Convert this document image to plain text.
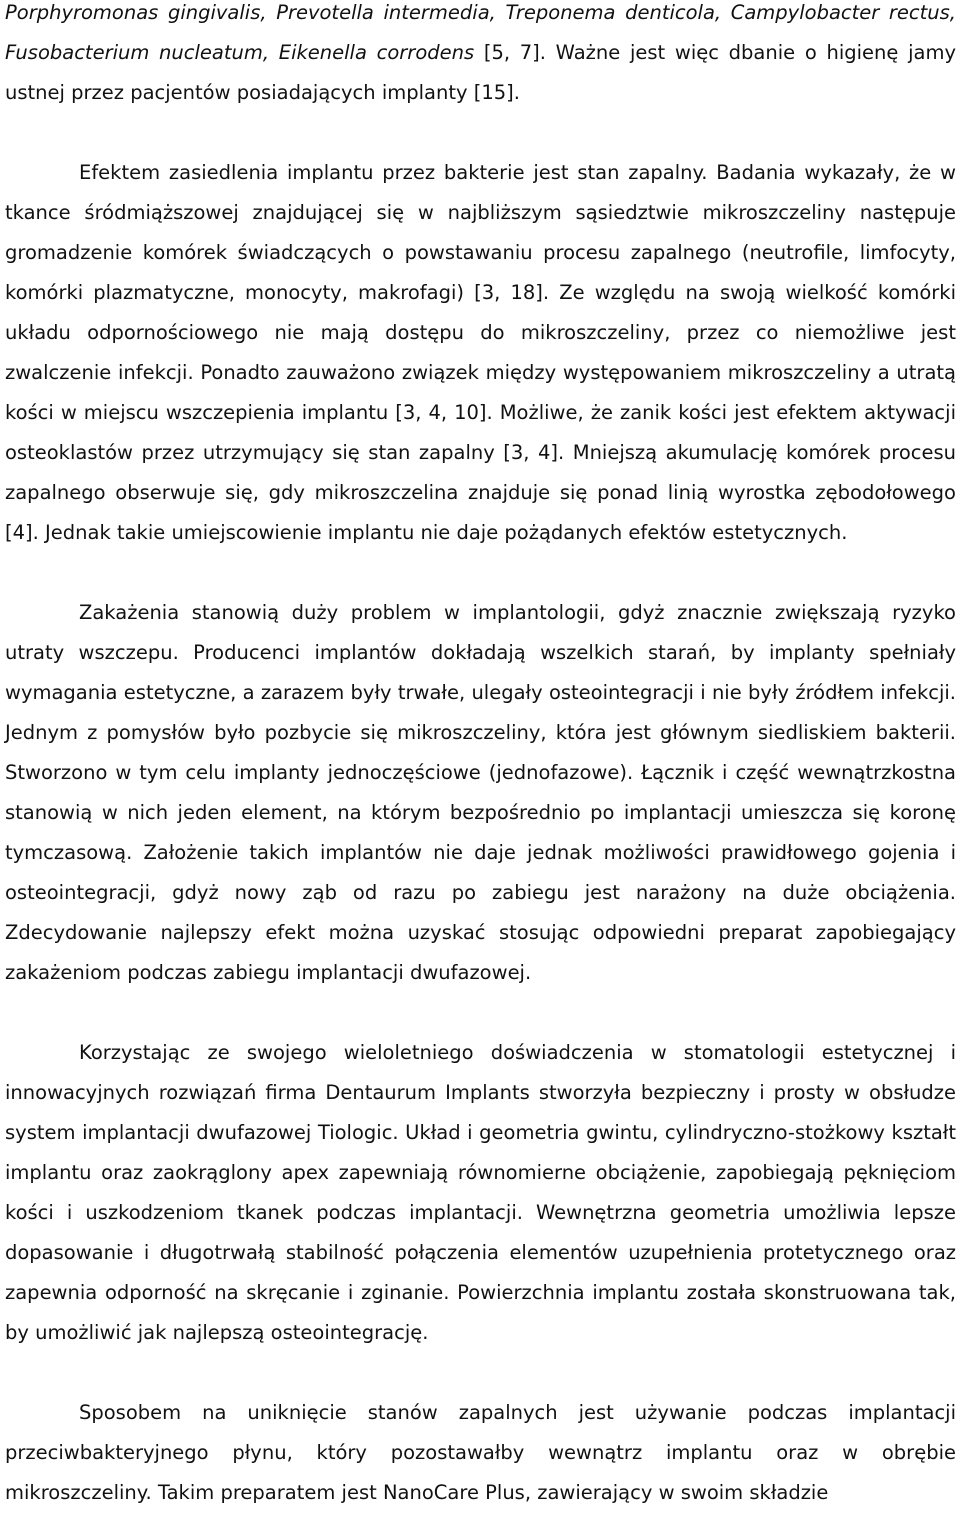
Porphyromonas gingivalis, Prevotella intermedia, Treponema denticola, Campylobacter rectus, Fusobacterium nucleatum, Eikenella corrodens [5, 7]. Ważne jest więc dbanie o higienę jamy ustnej przez pacjentów posiadających implanty [15].

Efektem zasiedlenia implantu przez bakterie jest stan zapalny. Badania wykazały, że w tkance śródmiąższowej znajdującej się w najbliższym sąsiedztwie mikroszczeliny następuje gromadzenie komórek świadczących o powstawaniu procesu zapalnego (neutrofile, limfocyty, komórki plazmatyczne, monocyty, makrofagi) [3, 18]. Ze względu na swoją wielkość komórki układu odpornościowego nie mają dostępu do mikroszczeliny, przez co niemożliwe jest zwalczenie infekcji. Ponadto zauważono związek między występowaniem mikroszczeliny a utratą kości w miejscu wszczepienia implantu [3, 4, 10]. Możliwe, że zanik kości jest efektem aktywacji osteoklastów przez utrzymujący się stan zapalny [3, 4]. Mniejszą akumulację komórek procesu zapalnego obserwuje się, gdy mikroszczelina znajduje się ponad linią wyrostka zębodołowego [4]. Jednak takie umiejscowienie implantu nie daje pożądanych efektów estetycznych.

Zakażenia stanowią duży problem w implantologii, gdyż znacznie zwiększają ryzyko utraty wszczepu. Producenci implantów dokładają wszelkich starań, by implanty spełniały wymagania estetyczne, a zarazem były trwałe, ulegały osteointegracji i nie były źródłem infekcji. Jednym z pomysłów było pozbycie się mikroszczeliny, która jest głównym siedliskiem bakterii. Stworzono w tym celu implanty jednoczęściowe (jednofazowe). Łącznik i część wewnątrzkostna stanowią w nich jeden element, na którym bezpośrednio po implantacji umieszcza się koronę tymczasową. Założenie takich implantów nie daje jednak możliwości prawidłowego gojenia i osteointegracji, gdyż nowy ząb od razu po zabiegu jest narażony na duże obciążenia. Zdecydowanie najlepszy efekt można uzyskać stosując odpowiedni preparat zapobiegający zakażeniom podczas zabiegu implantacji dwufazowej.

Korzystając ze swojego wieloletniego doświadczenia w stomatologii estetycznej i innowacyjnych rozwiązań firma Dentaurum Implants stworzyła bezpieczny i prosty w obsłudze system implantacji dwufazowej Tiologic. Układ i geometria gwintu, cylindryczno-stożkowy kształt implantu oraz zaokrąglony apex zapewniają równomierne obciążenie, zapobiegają pęknięciom kości i uszkodzeniom tkanek podczas implantacji. Wewnętrzna geometria umożliwia lepsze dopasowanie i długotrwałą stabilność połączenia elementów uzupełnienia protetycznego oraz zapewnia odporność na skręcanie i zginanie. Powierzchnia implantu została skonstruowana tak, by umożliwić jak najlepszą osteointegrację.

Sposobem na uniknięcie stanów zapalnych jest używanie podczas implantacji przeciwbakteryjnego płynu, który pozostawałby wewnątrz implantu oraz w obrębie mikroszczeliny. Takim preparatem jest NanoCare Plus, zawierający w swoim składzie
